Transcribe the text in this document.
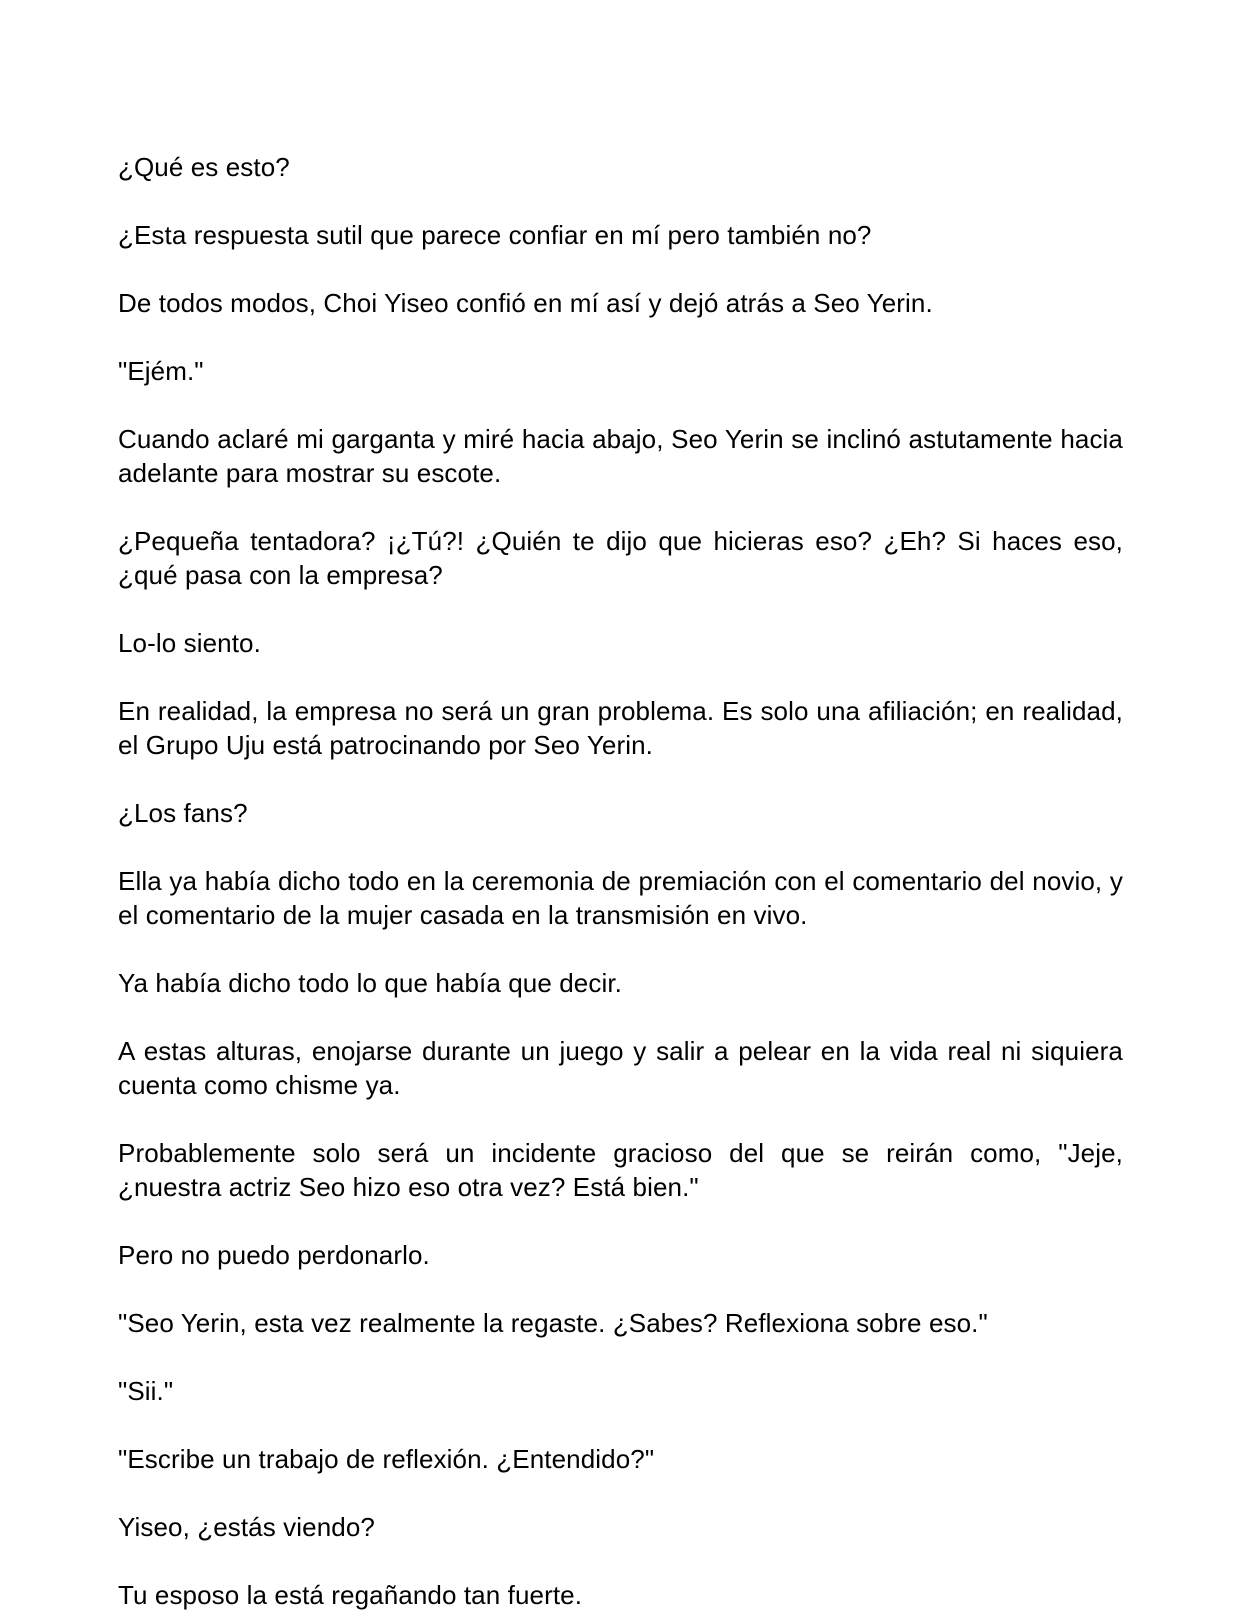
¿Qué es esto?

¿Esta respuesta sutil que parece confiar en mí pero también no?

De todos modos, Choi Yiseo confió en mí así y dejó atrás a Seo Yerin.

"Ejém."

Cuando aclaré mi garganta y miré hacia abajo, Seo Yerin se inclinó astutamente hacia adelante para mostrar su escote.

¿Pequeña tentadora? ¡¿Tú?! ¿Quién te dijo que hicieras eso? ¿Eh? Si haces eso, ¿qué pasa con la empresa?

Lo-lo siento.

En realidad, la empresa no será un gran problema. Es solo una afiliación; en realidad, el Grupo Uju está patrocinando por Seo Yerin.

¿Los fans?

Ella ya había dicho todo en la ceremonia de premiación con el comentario del novio, y el comentario de la mujer casada en la transmisión en vivo.

Ya había dicho todo lo que había que decir.

A estas alturas, enojarse durante un juego y salir a pelear en la vida real ni siquiera cuenta como chisme ya.

Probablemente solo será un incidente gracioso del que se reirán como, "Jeje, ¿nuestra actriz Seo hizo eso otra vez? Está bien."

Pero no puedo perdonarlo.

"Seo Yerin, esta vez realmente la regaste. ¿Sabes? Reflexiona sobre eso."

"Sii."

"Escribe un trabajo de reflexión. ¿Entendido?"

Yiseo, ¿estás viendo?

Tu esposo la está regañando tan fuerte.
